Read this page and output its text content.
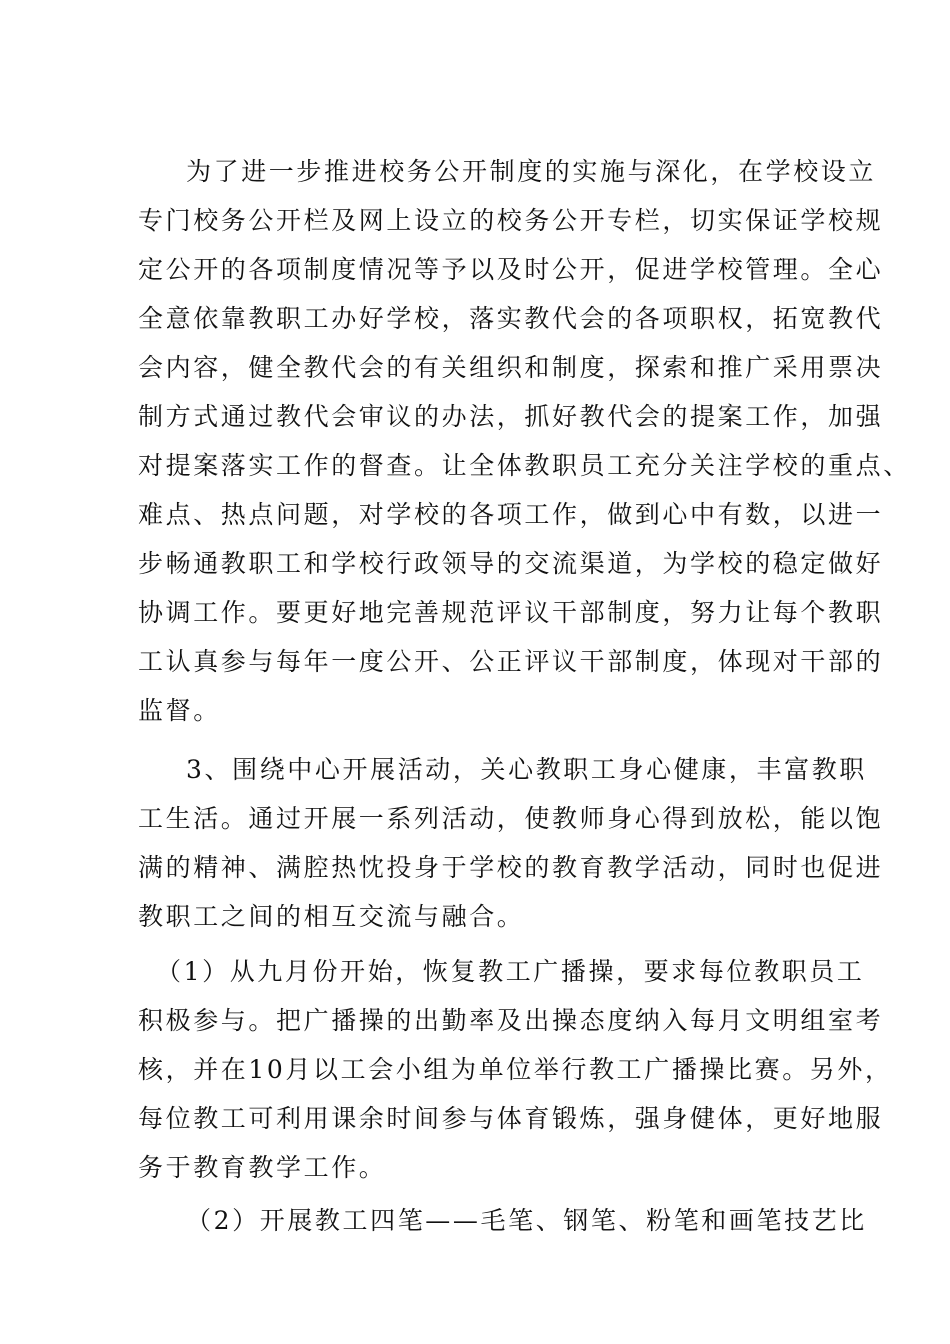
为了进一步推进校务公开制度的实施与深化，在学校设立
专门校务公开栏及网上设立的校务公开专栏，切实保证学校规
定公开的各项制度情况等予以及时公开，促进学校管理。全心
全意依靠教职工办好学校，落实教代会的各项职权，拓宽教代
会内容，健全教代会的有关组织和制度，探索和推广采用票决
制方式通过教代会审议的办法，抓好教代会的提案工作，加强
对提案落实工作的督查。让全体教职员工充分关注学校的重点、
难点、热点问题，对学校的各项工作，做到心中有数，以进一
步畅通教职工和学校行政领导的交流渠道，为学校的稳定做好
协调工作。要更好地完善规范评议干部制度，努力让每个教职
工认真参与每年一度公开、公正评议干部制度，体现对干部的
监督。
3、围绕中心开展活动，关心教职工身心健康，丰富教职
工生活。通过开展一系列活动，使教师身心得到放松，能以饱
满的精神、满腔热忱投身于学校的教育教学活动，同时也促进
教职工之间的相互交流与融合。
（1）从九月份开始，恢复教工广播操，要求每位教职员工
积极参与。把广播操的出勤率及出操态度纳入每月文明组室考
核，并在10月以工会小组为单位举行教工广播操比赛。另外，
每位教工可利用课余时间参与体育锻炼，强身健体，更好地服
务于教育教学工作。
（2）开展教工四笔——毛笔、钢笔、粉笔和画笔技艺比
